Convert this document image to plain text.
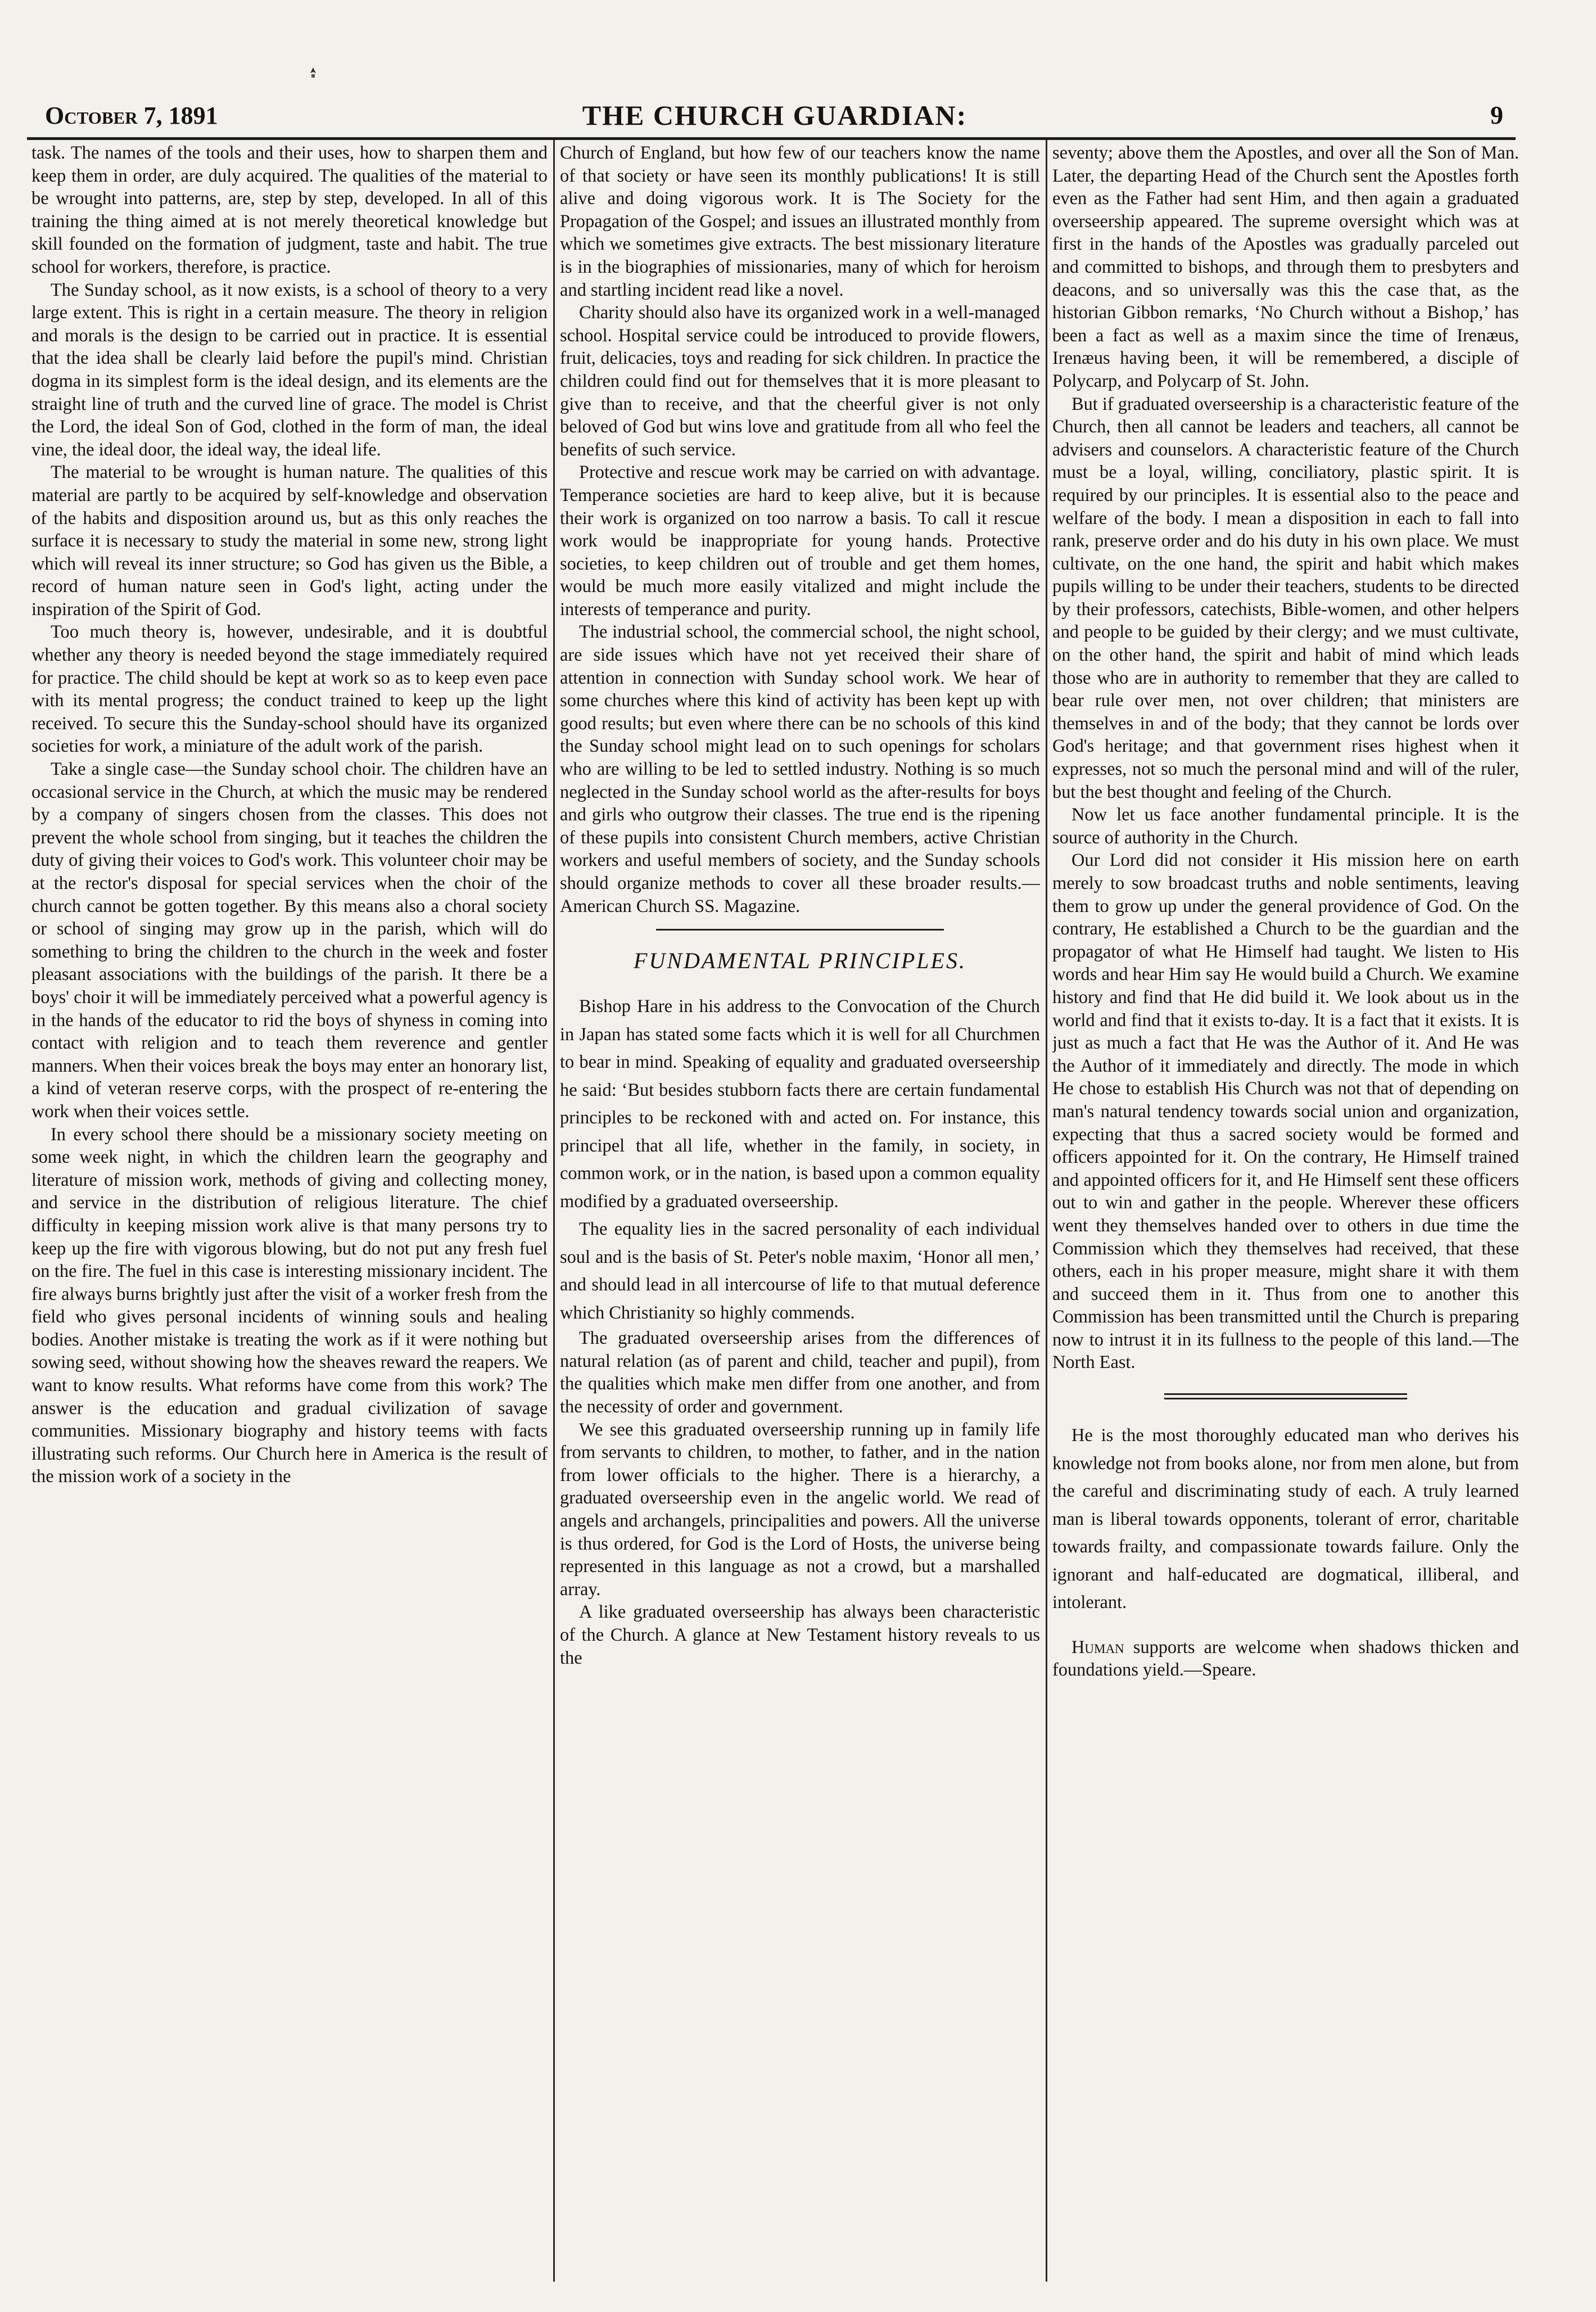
October 7, 1891	THE CHURCH GUARDIAN:	9

task. The names of the tools and their uses, how to sharpen them and keep them in order, are duly acquired. The qualities of the material to be wrought into patterns, are, step by step, developed. In all of this training the thing aimed at is not merely theoretical knowledge but skill founded on the formation of judgment, taste and habit. The true school for workers, therefore, is practice.

The Sunday school, as it now exists, is a school of theory to a very large extent. This is right in a certain measure. The theory in religion and morals is the design to be carried out in practice. It is essential that the idea shall be clearly laid before the pupil's mind. Christian dogma in its simplest form is the ideal design, and its elements are the straight line of truth and the curved line of grace. The model is Christ the Lord, the ideal Son of God, clothed in the form of man, the ideal vine, the ideal door, the ideal way, the ideal life.

The material to be wrought is human nature. The qualities of this material are partly to be acquired by self-knowledge and observation of the habits and disposition around us, but as this only reaches the surface it is necessary to study the material in some new, strong light which will reveal its inner structure; so God has given us the Bible, a record of human nature seen in God's light, acting under the inspiration of the Spirit of God.

Too much theory is, however, undesirable, and it is doubtful whether any theory is needed beyond the stage immediately required for practice. The child should be kept at work so as to keep even pace with its mental progress; the conduct trained to keep up the light received. To secure this the Sunday-school should have its organized societies for work, a miniature of the adult work of the parish.

Take a single case—the Sunday school choir. The children have an occasional service in the Church, at which the music may be rendered by a company of singers chosen from the classes. This does not prevent the whole school from singing, but it teaches the children the duty of giving their voices to God's work. This volunteer choir may be at the rector's disposal for special services when the choir of the church cannot be gotten together. By this means also a choral society or school of singing may grow up in the parish, which will do something to bring the children to the church in the week and foster pleasant associations with the buildings of the parish. It there be a boys' choir it will be immediately perceived what a powerful agency is in the hands of the educator to rid the boys of shyness in coming into contact with religion and to teach them reverence and gentler manners. When their voices break the boys may enter an honorary list, a kind of veteran reserve corps, with the prospect of re-entering the work when their voices settle.

In every school there should be a missionary society meeting on some week night, in which the children learn the geography and literature of mission work, methods of giving and collecting money, and service in the distribution of religious literature. The chief difficulty in keeping mission work alive is that many persons try to keep up the fire with vigorous blowing, but do not put any fresh fuel on the fire. The fuel in this case is interesting missionary incident. The fire always burns brightly just after the visit of a worker fresh from the field who gives personal incidents of winning souls and healing bodies. Another mistake is treating the work as if it were nothing but sowing seed, without showing how the sheaves reward the reapers. We want to know results. What reforms have come from this work? The answer is the education and gradual civilization of savage communities. Missionary biography and history teems with facts illustrating such reforms. Our Church here in America is the result of the mission work of a society in the

Church of England, but how few of our teachers know the name of that society or have seen its monthly publications! It is still alive and doing vigorous work. It is The Society for the Propagation of the Gospel; and issues an illustrated monthly from which we sometimes give extracts. The best missionary literature is in the biographies of missionaries, many of which for heroism and startling incident read like a novel.

Charity should also have its organized work in a well-managed school. Hospital service could be introduced to provide flowers, fruit, delicacies, toys and reading for sick children. In practice the children could find out for themselves that it is more pleasant to give than to receive, and that the cheerful giver is not only beloved of God but wins love and gratitude from all who feel the benefits of such service.

Protective and rescue work may be carried on with advantage. Temperance societies are hard to keep alive, but it is because their work is organized on too narrow a basis. To call it rescue work would be inappropriate for young hands. Protective societies, to keep children out of trouble and get them homes, would be much more easily vitalized and might include the interests of temperance and purity.

The industrial school, the commercial school, the night school, are side issues which have not yet received their share of attention in connection with Sunday school work. We hear of some churches where this kind of activity has been kept up with good results; but even where there can be no schools of this kind the Sunday school might lead on to such openings for scholars who are willing to be led to settled industry. Nothing is so much neglected in the Sunday school world as the after-results for boys and girls who outgrow their classes. The true end is the ripening of these pupils into consistent Church members, active Christian workers and useful members of society, and the Sunday schools should organize methods to cover all these broader results.—American Church SS. Magazine.

FUNDAMENTAL PRINCIPLES.

Bishop Hare in his address to the Convocation of the Church in Japan has stated some facts which it is well for all Churchmen to bear in mind. Speaking of equality and graduated overseership he said: ‘But besides stubborn facts there are certain fundamental principles to be reckoned with and acted on. For instance, this principel that all life, whether in the family, in society, in common work, or in the nation, is based upon a common equality modified by a graduated overseership.

The equality lies in the sacred personality of each individual soul and is the basis of St. Peter's noble maxim, ‘Honor all men,’ and should lead in all intercourse of life to that mutual deference which Christianity so highly commends.

The graduated overseership arises from the differences of natural relation (as of parent and child, teacher and pupil), from the qualities which make men differ from one another, and from the necessity of order and government.

We see this graduated overseership running up in family life from servants to children, to mother, to father, and in the nation from lower officials to the higher. There is a hierarchy, a graduated overseership even in the angelic world. We read of angels and archangels, principalities and powers. All the universe is thus ordered, for God is the Lord of Hosts, the universe being represented in this language as not a crowd, but a marshalled array.

A like graduated overseership has always been characteristic of the Church. A glance at New Testament history reveals to us the

seventy; above them the Apostles, and over all the Son of Man. Later, the departing Head of the Church sent the Apostles forth even as the Father had sent Him, and then again a graduated overseership appeared. The supreme oversight which was at first in the hands of the Apostles was gradually parceled out and committed to bishops, and through them to presbyters and deacons, and so universally was this the case that, as the historian Gibbon remarks, ‘No Church without a Bishop,’ has been a fact as well as a maxim since the time of Irenæus, Irenæus having been, it will be remembered, a disciple of Polycarp, and Polycarp of St. John.

But if graduated overseership is a characteristic feature of the Church, then all cannot be leaders and teachers, all cannot be advisers and counselors. A characteristic feature of the Church must be a loyal, willing, conciliatory, plastic spirit. It is required by our principles. It is essential also to the peace and welfare of the body. I mean a disposition in each to fall into rank, preserve order and do his duty in his own place. We must cultivate, on the one hand, the spirit and habit which makes pupils willing to be under their teachers, students to be directed by their professors, catechists, Bible-women, and other helpers and people to be guided by their clergy; and we must cultivate, on the other hand, the spirit and habit of mind which leads those who are in authority to remember that they are called to bear rule over men, not over children; that ministers are themselves in and of the body; that they cannot be lords over God's heritage; and that government rises highest when it expresses, not so much the personal mind and will of the ruler, but the best thought and feeling of the Church.

Now let us face another fundamental principle. It is the source of authority in the Church.

Our Lord did not consider it His mission here on earth merely to sow broadcast truths and noble sentiments, leaving them to grow up under the general providence of God. On the contrary, He established a Church to be the guardian and the propagator of what He Himself had taught. We listen to His words and hear Him say He would build a Church. We examine history and find that He did build it. We look about us in the world and find that it exists to-day. It is a fact that it exists. It is just as much a fact that He was the Author of it. And He was the Author of it immediately and directly. The mode in which He chose to establish His Church was not that of depending on man's natural tendency towards social union and organization, expecting that thus a sacred society would be formed and officers appointed for it. On the contrary, He Himself trained and appointed officers for it, and He Himself sent these officers out to win and gather in the people. Wherever these officers went they themselves handed over to others in due time the Commission which they themselves had received, that these others, each in his proper measure, might share it with them and succeed them in it. Thus from one to another this Commission has been transmitted until the Church is preparing now to intrust it in its fullness to the people of this land.—The North East.

He is the most thoroughly educated man who derives his knowledge not from books alone, nor from men alone, but from the careful and discriminating study of each. A truly learned man is liberal towards opponents, tolerant of error, charitable towards frailty, and compassionate towards failure. Only the ignorant and half-educated are dogmatical, illiberal, and intolerant.

Human supports are welcome when shadows thicken and foundations yield.—Speare.
